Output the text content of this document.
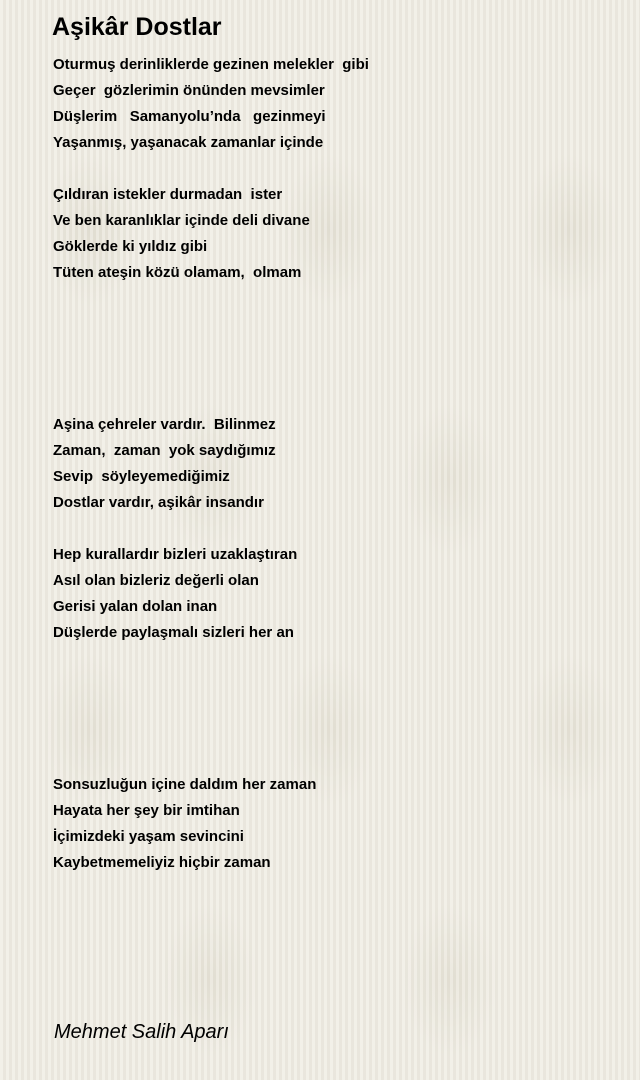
Aşikâr Dostlar
Oturmuş derinliklerde gezinen melekler  gibi
Geçer  gözlerimin önünden mevsimler
Düşlerim   Samanyolu’nda   gezinmeyi
Yaşanmış, yaşanacak zamanlar içinde
Çıldıran istekler durmadan  ister
Ve ben karanlıklar içinde deli divane
Göklerde ki yıldız gibi
Tüten ateşin közü olamam,  olmam
Aşina çehreler vardır.  Bilinmez
Zaman,  zaman  yok saydığımız
Sevip  söyleyemediğimiz
Dostlar vardır, aşikâr insandır
Hep kurallardır bizleri uzaklaştıran
Asıl olan bizleriz değerli olan
Gerisi yalan dolan inan
Düşlerde paylaşmalı sizleri her an
Sonsuzluğun içine daldım her zaman
Hayata her şey bir imtihan
İçimizdeki yaşam sevincini
Kaybetmemeliyiz hiçbir zaman
Mehmet Salih Aparı
